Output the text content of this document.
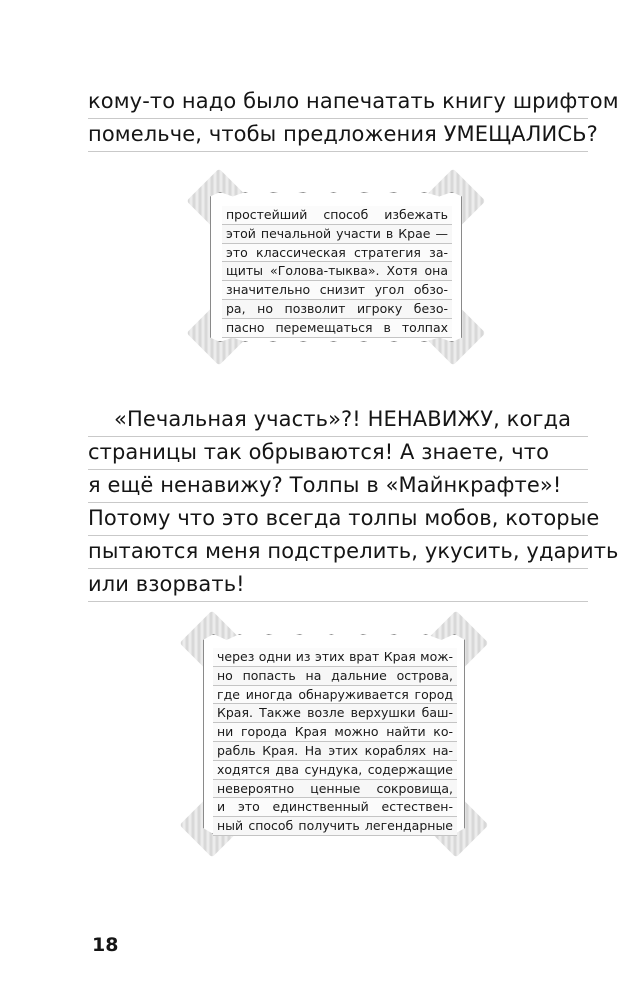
кому-то надо было напечатать книгу шрифтом
помельче, чтобы предложения УМЕЩАЛИСЬ?
простейший способ избежать
этой печальной участи в Крае —
это классическая стратегия за-
щиты «Голова-тыква». Хотя она
значительно снизит угол обзо-
ра, но позволит игроку безо-
пасно перемещаться в толпах
«Печальная участь»?! НЕНАВИЖУ, когда
страницы так обрываются! А знаете, что
я ещё ненавижу? Толпы в «Майнкрафте»!
Потому что это всегда толпы мобов, которые
пытаются меня подстрелить, укусить, ударить
или взорвать!
через одни из этих врат Края мож-
но попасть на дальние острова,
где иногда обнаруживается город
Края. Также возле верхушки баш-
ни города Края можно найти ко-
рабль Края. На этих кораблях на-
ходятся два сундука, содержащие
невероятно ценные сокровища,
и это единственный естествен-
ный способ получить легендарные
18
